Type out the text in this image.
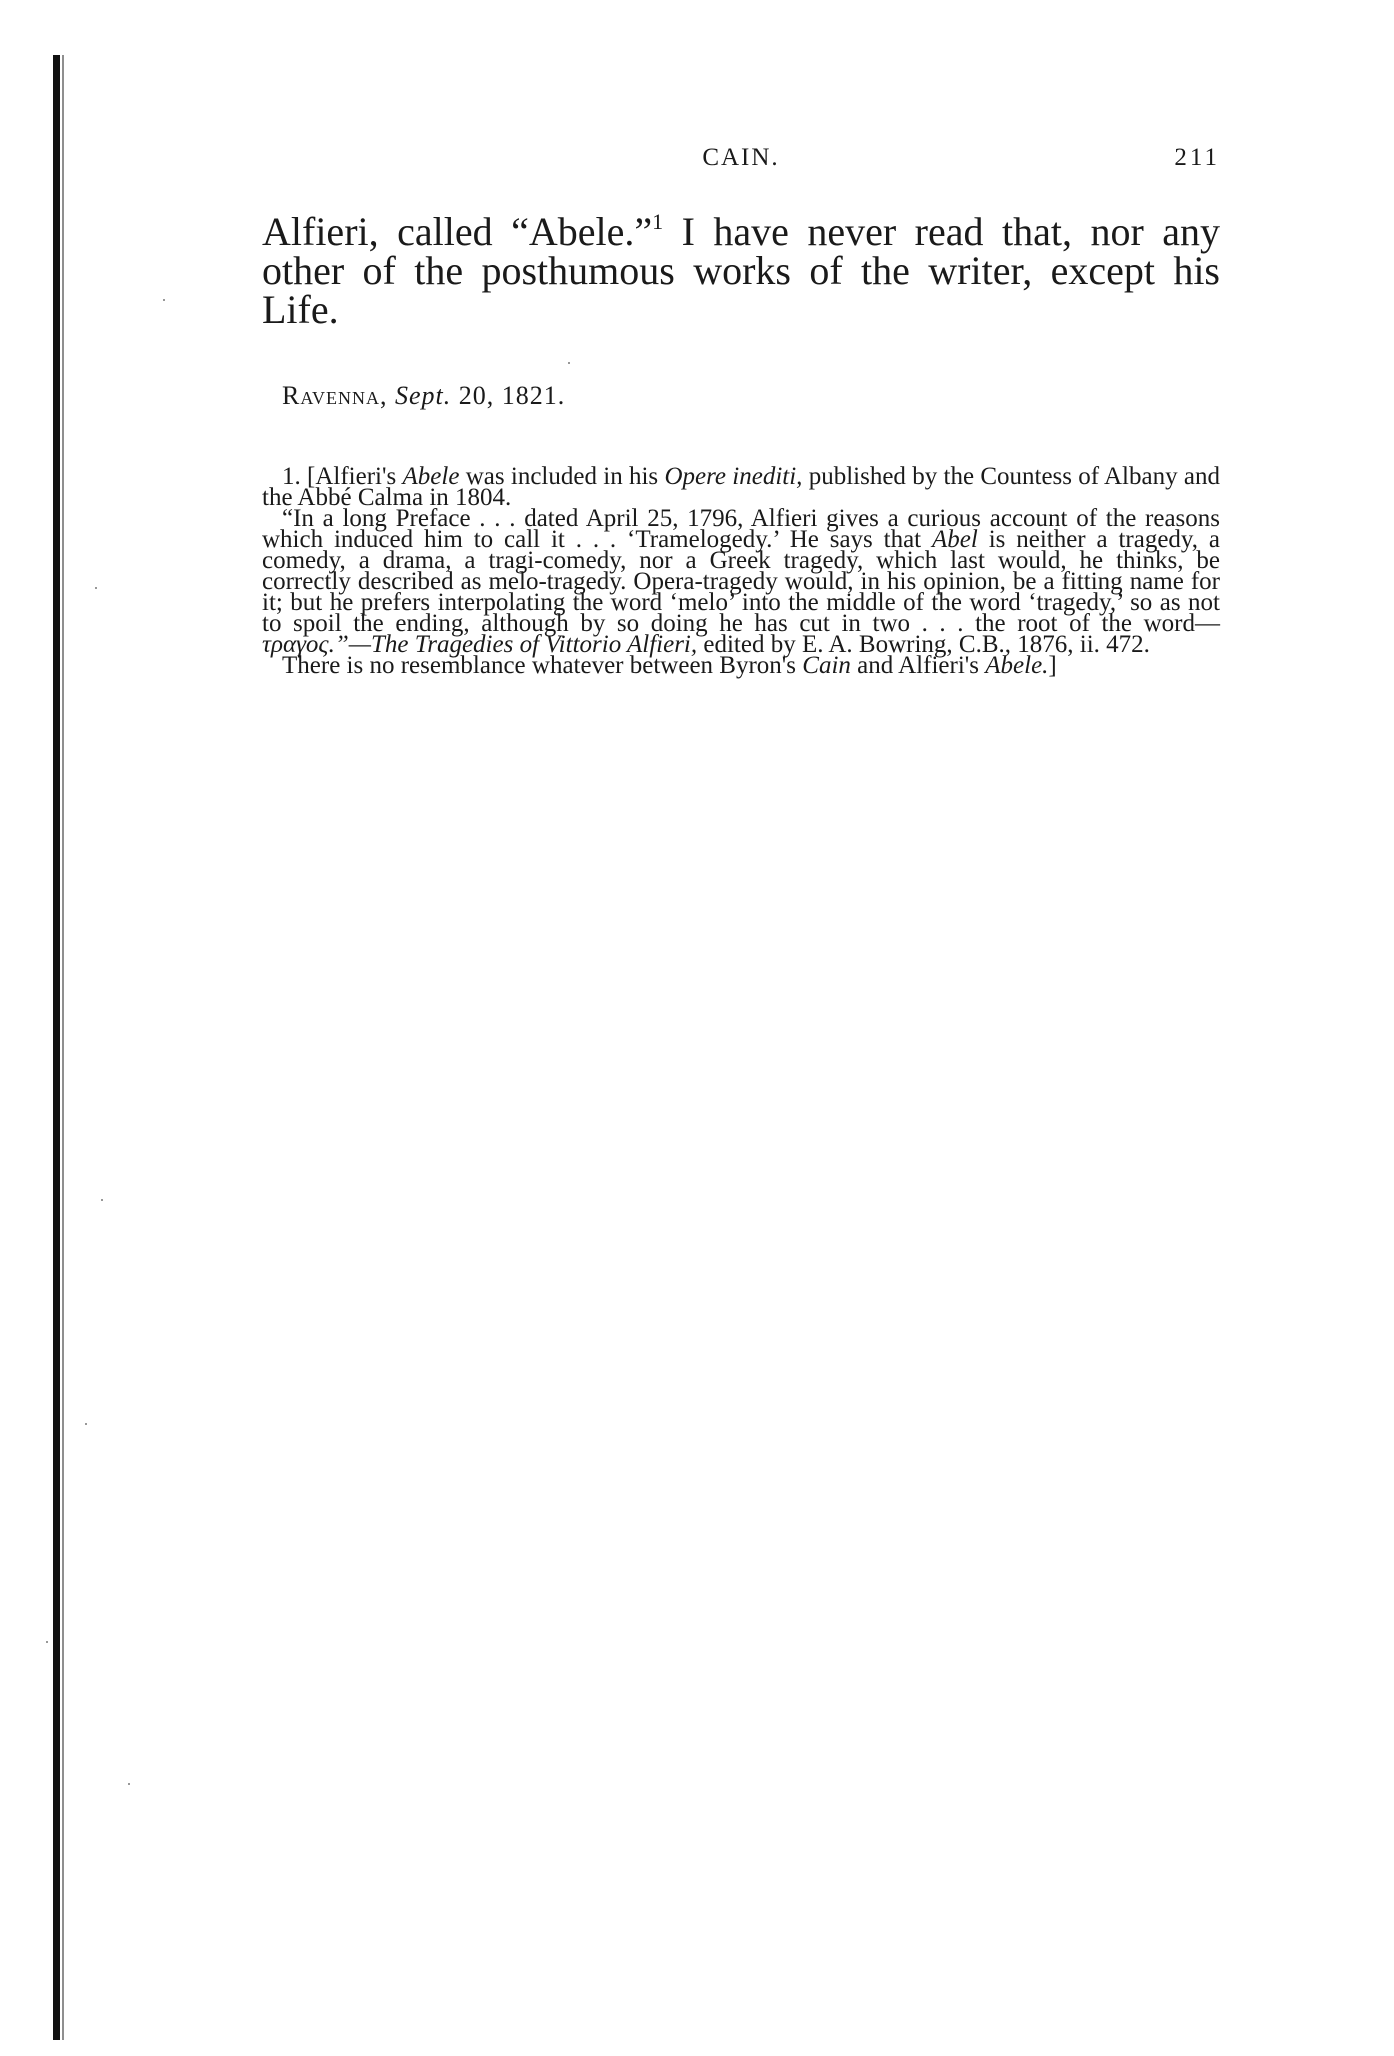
CAIN.	211

Alfieri, called “Abele.”$^1$ I have never read that, nor any other of the posthumous works of the writer, except his Life.

Ravenna, Sept. 20, 1821.

1. [Alfieri's Abele was included in his Opere inediti, published by the Countess of Albany and the Abbé Calma in 1804.

“In a long Preface . . . dated April 25, 1796, Alfieri gives a curious account of the reasons which induced him to call it . . . ‘Tramelogedy.’ He says that Abel is neither a tragedy, a comedy, a drama, a tragi-comedy, nor a Greek tragedy, which last would, he thinks, be correctly described as melo-tragedy. Opera-tragedy would, in his opinion, be a fitting name for it; but he prefers interpolating the word ‘melo’ into the middle of the word ‘tragedy,’ so as not to spoil the ending, although by so doing he has cut in two . . . the root of the word—τραγος.”—The Tragedies of Vittorio Alfieri, edited by E. A. Bowring, C.B., 1876, ii. 472.

There is no resemblance whatever between Byron's Cain and Alfieri's Abele.]
